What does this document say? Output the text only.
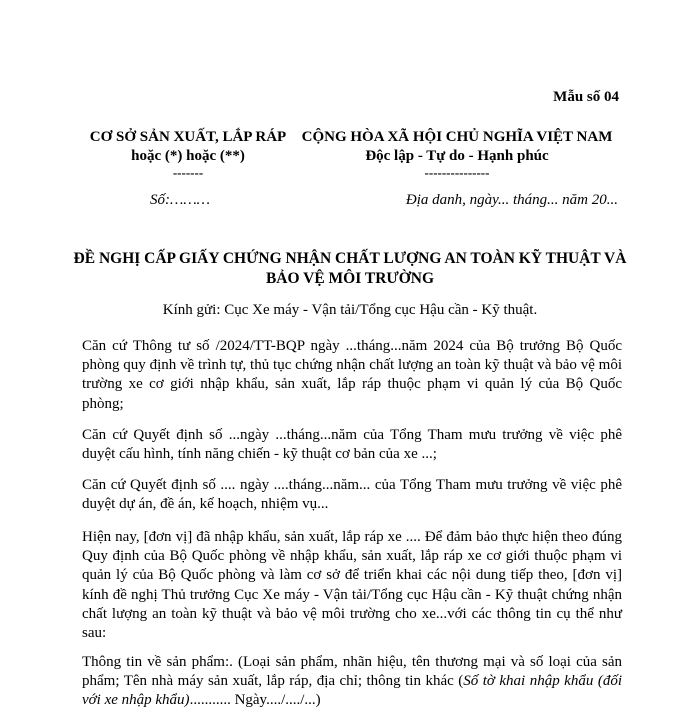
Mẫu số 04
CƠ SỞ SẢN XUẤT, LẮP RÁP
hoặc (*) hoặc (**)
-------
CỘNG HÒA XÃ HỘI CHỦ NGHĨA VIỆT NAM
Độc lập - Tự do - Hạnh phúc
---------------
Số:………	Địa danh, ngày... tháng... năm 20...
ĐỀ NGHỊ CẤP GIẤY CHỨNG NHẬN CHẤT LƯỢNG AN TOÀN KỸ THUẬT VÀ BẢO VỆ MÔI TRƯỜNG
Kính gửi: Cục Xe máy - Vận tải/Tổng cục Hậu cần - Kỹ thuật.
Căn cứ Thông tư số /2024/TT-BQP ngày ...tháng...năm 2024 của Bộ trưởng Bộ Quốc phòng quy định về trình tự, thủ tục chứng nhận chất lượng an toàn kỹ thuật và bảo vệ môi trường xe cơ giới nhập khẩu, sản xuất, lắp ráp thuộc phạm vi quản lý của Bộ Quốc phòng;
Căn cứ Quyết định số ...ngày ...tháng...năm của Tổng Tham mưu trưởng về việc phê duyệt cấu hình, tính năng chiến - kỹ thuật cơ bản của xe ...;
Căn cứ Quyết định số .... ngày ....tháng...năm... của Tổng Tham mưu trưởng về việc phê duyệt dự án, đề án, kế hoạch, nhiệm vụ...
Hiện nay, [đơn vị] đã nhập khẩu, sản xuất, lắp ráp xe .... Để đảm bảo thực hiện theo đúng Quy định của Bộ Quốc phòng về nhập khẩu, sản xuất, lắp ráp xe cơ giới thuộc phạm vi quản lý của Bộ Quốc phòng và làm cơ sở để triển khai các nội dung tiếp theo, [đơn vị] kính đề nghị Thủ trưởng Cục Xe máy - Vận tải/Tổng cục Hậu cần - Kỹ thuật chứng nhận chất lượng an toàn kỹ thuật và bảo vệ môi trường cho xe...với các thông tin cụ thể như sau:
Thông tin về sản phẩm:. (Loại sản phẩm, nhãn hiệu, tên thương mại và số loại của sản phẩm; Tên nhà máy sản xuất, lắp ráp, địa chỉ; thông tin khác (Số tờ khai nhập khẩu (đối với xe nhập khẩu)........... Ngày..../..../...)
